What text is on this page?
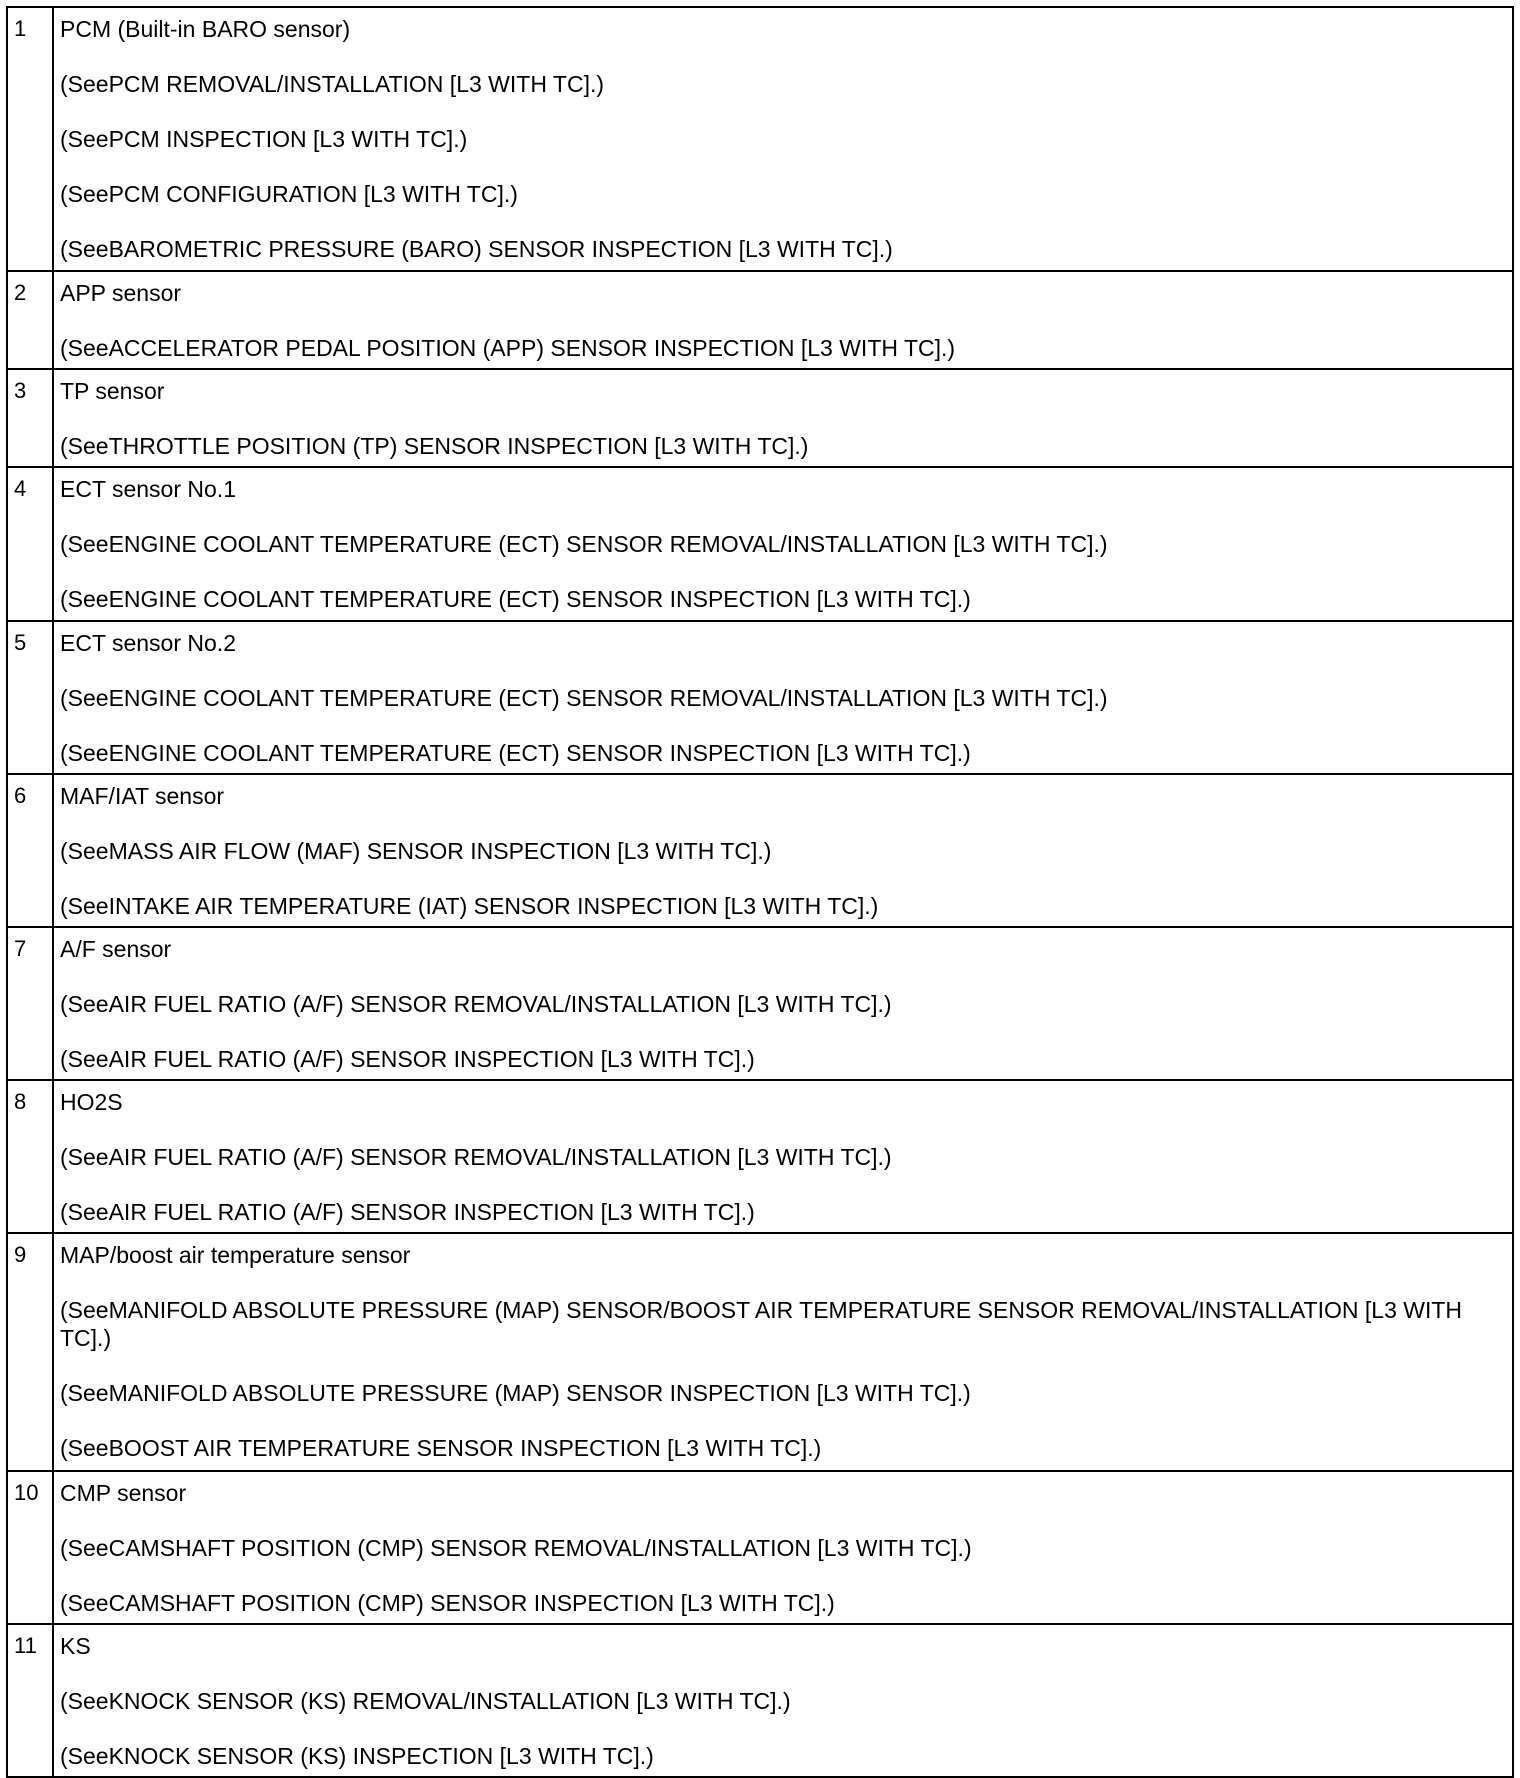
1	PCM (Built-in BARO sensor)

(SeePCM REMOVAL/INSTALLATION [L3 WITH TC].)

(SeePCM INSPECTION [L3 WITH TC].)

(SeePCM CONFIGURATION [L3 WITH TC].)

(SeeBAROMETRIC PRESSURE (BARO) SENSOR INSPECTION [L3 WITH TC].)

2	APP sensor

(SeeACCELERATOR PEDAL POSITION (APP) SENSOR INSPECTION [L3 WITH TC].)

3	TP sensor

(SeeTHROTTLE POSITION (TP) SENSOR INSPECTION [L3 WITH TC].)

4	ECT sensor No.1

(SeeENGINE COOLANT TEMPERATURE (ECT) SENSOR REMOVAL/INSTALLATION [L3 WITH TC].)

(SeeENGINE COOLANT TEMPERATURE (ECT) SENSOR INSPECTION [L3 WITH TC].)

5	ECT sensor No.2

(SeeENGINE COOLANT TEMPERATURE (ECT) SENSOR REMOVAL/INSTALLATION [L3 WITH TC].)

(SeeENGINE COOLANT TEMPERATURE (ECT) SENSOR INSPECTION [L3 WITH TC].)

6	MAF/IAT sensor

(SeeMASS AIR FLOW (MAF) SENSOR INSPECTION [L3 WITH TC].)

(SeeINTAKE AIR TEMPERATURE (IAT) SENSOR INSPECTION [L3 WITH TC].)

7	A/F sensor

(SeeAIR FUEL RATIO (A/F) SENSOR REMOVAL/INSTALLATION [L3 WITH TC].)

(SeeAIR FUEL RATIO (A/F) SENSOR INSPECTION [L3 WITH TC].)

8	HO2S

(SeeAIR FUEL RATIO (A/F) SENSOR REMOVAL/INSTALLATION [L3 WITH TC].)

(SeeAIR FUEL RATIO (A/F) SENSOR INSPECTION [L3 WITH TC].)

9	MAP/boost air temperature sensor

(SeeMANIFOLD ABSOLUTE PRESSURE (MAP) SENSOR/BOOST AIR TEMPERATURE SENSOR REMOVAL/INSTALLATION [L3 WITH TC].)

(SeeMANIFOLD ABSOLUTE PRESSURE (MAP) SENSOR INSPECTION [L3 WITH TC].)

(SeeBOOST AIR TEMPERATURE SENSOR INSPECTION [L3 WITH TC].)

10	CMP sensor

(SeeCAMSHAFT POSITION (CMP) SENSOR REMOVAL/INSTALLATION [L3 WITH TC].)

(SeeCAMSHAFT POSITION (CMP) SENSOR INSPECTION [L3 WITH TC].)

11	KS

(SeeKNOCK SENSOR (KS) REMOVAL/INSTALLATION [L3 WITH TC].)

(SeeKNOCK SENSOR (KS) INSPECTION [L3 WITH TC].)
